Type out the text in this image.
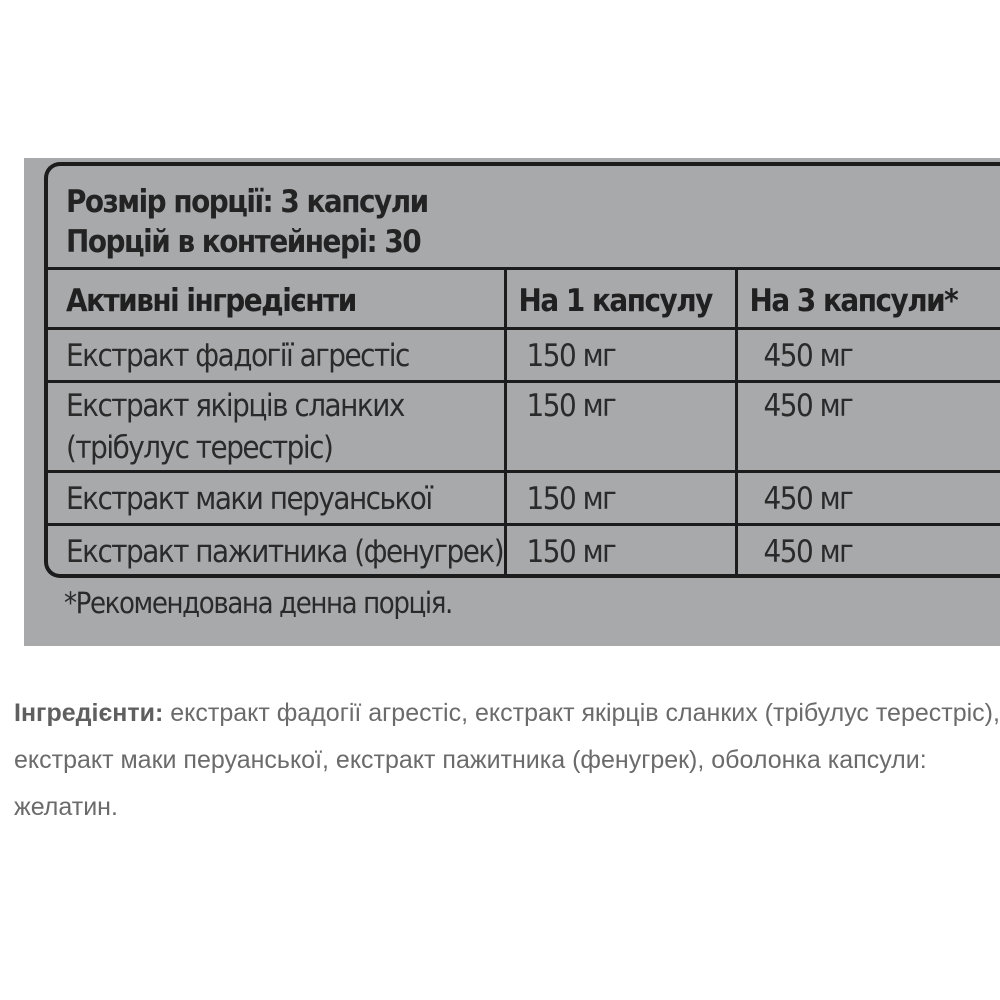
Розмір порції: 3 капсули
Порцій в контейнері: 30
Активні інгредієнти	На 1 капсулу	На 3 капсули*
Екстракт фадогії агрестіс	150 мг	450 мг

Екстракт якірців сланких
(трібулус терестріс)	150 мг	450 мг
Екстракт маки перуанської	150 мг	450 мг
Екстракт пажитника (фенугрек)	150 мг	450 мг
*Рекомендована денна порція.
Інгредієнти: екстракт фадогії агрестіс, екстракт якірців сланких (трібулус терестріс), екстракт маки перуанської, екстракт пажитника (фенугрек), оболонка капсули: желатин.
